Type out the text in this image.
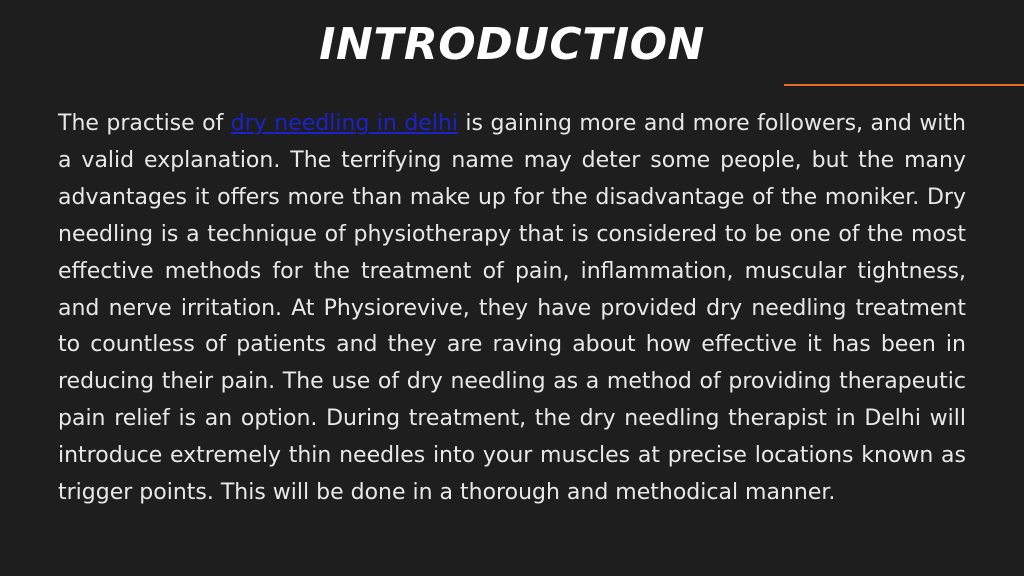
INTRODUCTION

The practise of dry needling in delhi is gaining more and more followers, and with a valid explanation. The terrifying name may deter some people, but the many advantages it offers more than make up for the disadvantage of the moniker. Dry needling is a technique of physiotherapy that is considered to be one of the most effective methods for the treatment of pain, inflammation, muscular tightness, and nerve irritation. At Physiorevive, they have provided dry needling treatment to countless of patients and they are raving about how effective it has been in reducing their pain. The use of dry needling as a method of providing therapeutic pain relief is an option. During treatment, the dry needling therapist in Delhi will introduce extremely thin needles into your muscles at precise locations known as trigger points. This will be done in a thorough and methodical manner.
